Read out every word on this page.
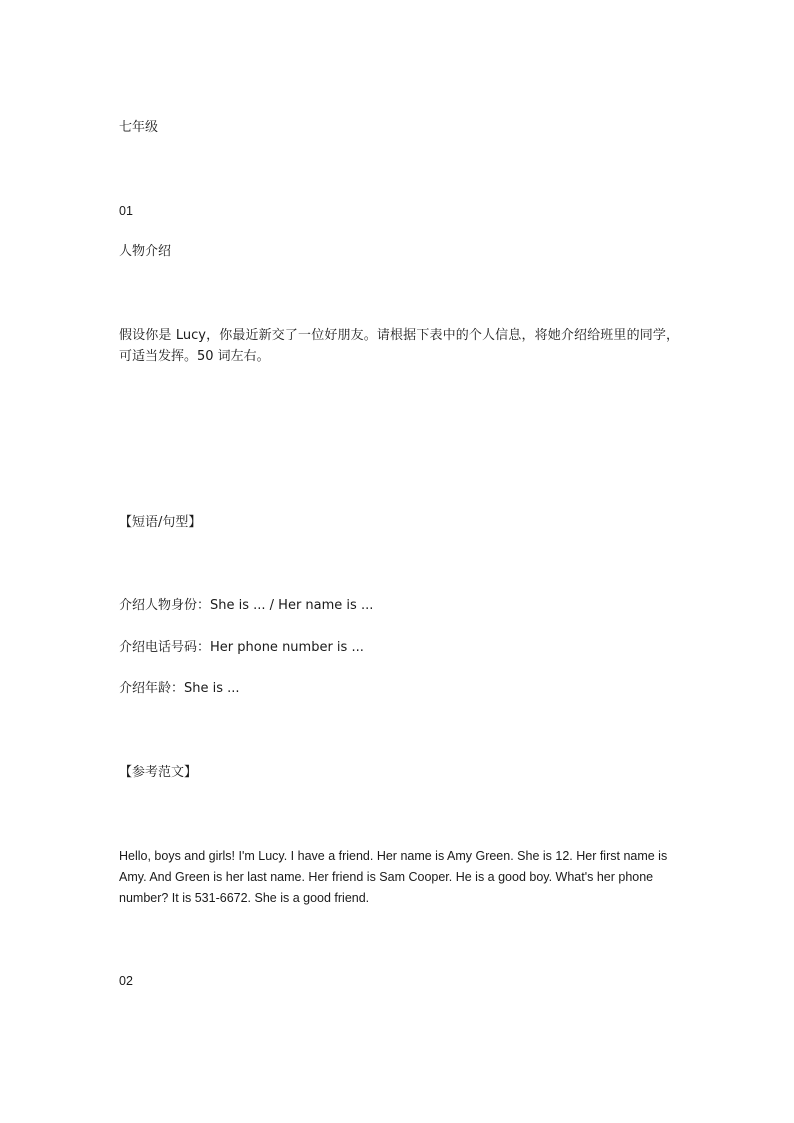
七年级

01

人物介绍

假设你是 Lucy，你最近新交了一位好朋友。请根据下表中的个人信息，将她介绍给班里的同学，可适当发挥。50 词左右。

【短语/句型】

介绍人物身份：She is ... / Her name is ...

介绍电话号码：Her phone number is ...

介绍年龄：She is ...

【参考范文】

Hello, boys and girls! I'm Lucy. I have a friend. Her name is Amy Green. She is 12. Her first name is Amy. And Green is her last name. Her friend is Sam Cooper. He is a good boy. What's her phone number? It is 531-6672. She is a good friend.

02
